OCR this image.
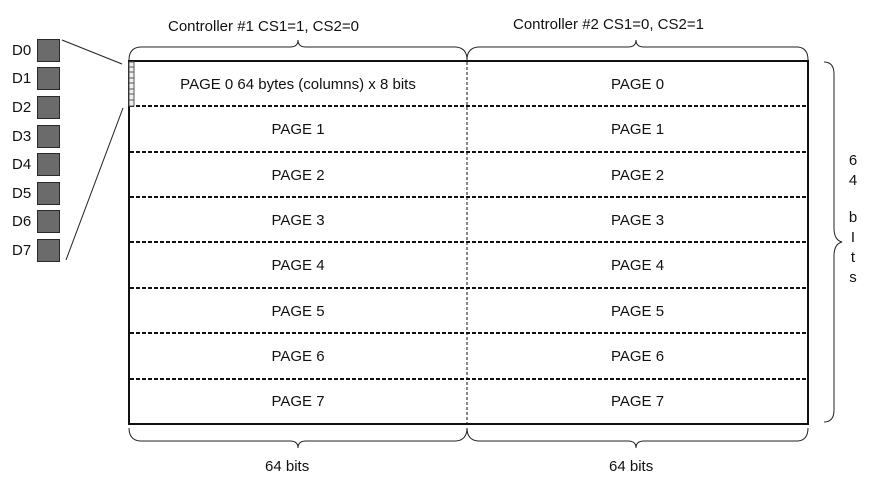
Controller #1 CS1=1, CS2=0	Controller #2 CS1=0, CS2=1
D0
D1
D2
D3
D4
D5
D6
D7
PAGE 0 64 bytes (columns) x 8 bits
PAGE 1
PAGE 2
PAGE 3
PAGE 4
PAGE 5
PAGE 6
PAGE 7
PAGE 0
PAGE 1
PAGE 2
PAGE 3
PAGE 4
PAGE 5
PAGE 6
PAGE 7
64 bits	64 bits
6
4
b
I
t
s
